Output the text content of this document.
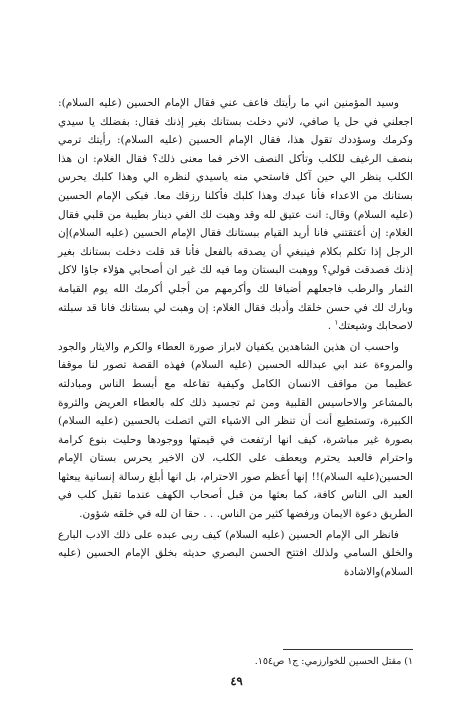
وسيد المؤمنين اني ما رأيتك فاعف عني فقال الإمام الحسين (عليه السلام): اجعلني في حل يا صافي، لاني دخلت بستانك بغير إذنك فقال: بفضلك يا سيدي وكرمك وسؤددك تقول هذا، فقال الإمام الحسين (عليه السلام): رأيتك ترمي بنصف الرغيف للكلب وتأكل النصف الاخر فما معنى ذلك؟ فقال الغلام: ان هذا الكلب ينظر الي حين آكل فاستحي منه ياسيدي لنظره الي وهذا كلبك يحرس بستانك من الاعداء فأنا عبدك وهذا كلبك فأكلنا رزقك معا. فبكى الإمام الحسين (عليه السلام) وقال: انت عتيق لله وقد وهبت لك الفي دينار بطيبة من قلبي فقال الغلام: إن أعتقتني فانا أريد القيام ببستانك فقال الإمام الحسين (عليه السلام)إن الرجل إذا تكلم بكلام فينبغي أن يصدقه بالفعل فأنا قد قلت دخلت بستانك بغير إذنك فصدقت قولي؟ ووهبت البستان وما فيه لك غير ان أصحابي هؤلاء جاؤا لاكل الثمار والرطب فاجعلهم أضيافا لك وأكرمهم من أجلي أكرمك الله يوم القيامة وبارك لك في حسن خلقك وأدبك فقال الغلام: إن وهبت لي بستانك فانا قد سبلته لاصحابك وشيعتك$^١$ .

واحسب ان هذين الشاهدين يكفيان لابراز صورة العطاء والكرم والايثار والجود والمروءة عند ابي عبدالله الحسين (عليه السلام) فهذه القصة تصور لنا موقفا عظيما من مواقف الانسان الكامل وكيفية تفاعله مع أبسط الناس ومبادلته بالمشاعر والاحاسيس القلبية ومن ثم تجسيد ذلك كله بالعطاء العريض والثروة الكبيرة، وتستطيع أنت أن تنظر الى الاشياء التي اتصلت بالحسين (عليه السلام) بصورة غير مباشرة، كيف انها ارتفعت في قيمتها ووجودها وحليت بنوع كرامة واحترام فالعبد يحترم ويعطف على الكلب، لان الاخير يحرس بستان الإمام الحسين(عليه السلام)!! إنها أعظم صور الاحترام، بل انها أبلغ رسالة إنسانية يبعثها العبد الى الناس كافة، كما بعثها من قبل أصحاب الكهف عندما تقبل كلب في الطريق دعوة الايمان ورفضها كثير من الناس. . . حقا ان لله في خلقه شؤون.

فانظر الى الإمام الحسين (عليه السلام) كيف ربى عبده على ذلك الادب البارع والخلق السامي ولذلك افتتح الحسن البصري حديثه بخلق الإمام الحسين (عليه السلام)والاشادة

١) مقتل الحسين للخوارزمي: ج١ ص١٥٤.
٤٩
